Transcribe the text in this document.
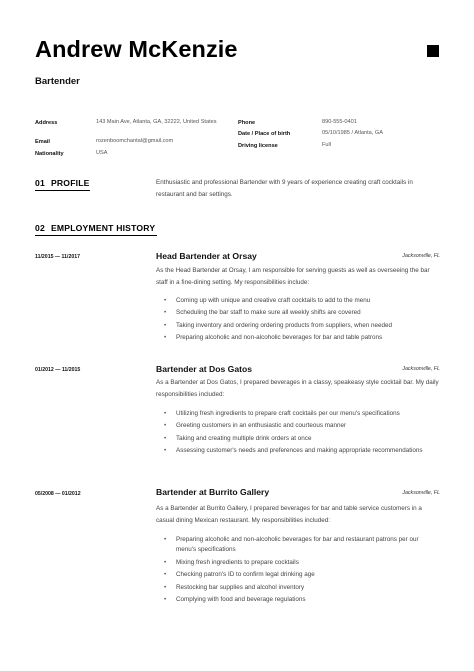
Andrew McKenzie
Bartender
Address	143 Main Ave, Atlanta, GA, 32222, United States
Email	rozenboomchantal@gmail.com
Nationality	USA
Phone	890-555-0401
Date / Place of birth	05/10/1985 / Atlanta, GA
Driving license	Full
01 PROFILE	Enthusiastic and professional Bartender with 9 years of experience creating craft cocktails in restaurant and bar settings.
02 EMPLOYMENT HISTORY
11/2015 — 11/2017	Head Bartender at Orsay	Jacksonville, FL
As the Head Bartender at Orsay, I am responsible for serving guests as well as overseeing the bar staff in a fine-dining setting. My responsibilities include:
• Coming up with unique and creative craft cocktails to add to the menu
• Scheduling the bar staff to make sure all weekly shifts are covered
• Taking inventory and ordering ordering products from suppliers, when needed
• Preparing alcoholic and non-alcoholic beverages for bar and table patrons
01/2012 — 11/2015	Bartender at Dos Gatos	Jacksonville, FL
As a Bartender at Dos Gatos, I prepared beverages in a classy, speakeasy style cocktail bar. My daily responsibilities included:
• Utilizing fresh ingredients to prepare craft cocktails per our menu's specifications
• Greeting customers in an enthusiastic and courteous manner
• Taking and creating multiple drink orders at once
• Assessing customer's needs and preferences and making appropriate recommendations
05/2008 — 01/2012	Bartender at Burrito Gallery	Jacksonville, FL
As a Bartender at Burrito Gallery, I prepared beverages for bar and table service customers in a casual dining Mexican restaurant. My responsibilities included:
• Preparing alcoholic and non-alcoholic beverages for bar and restaurant patrons per our menu's specifications
• Mixing fresh ingredients to prepare cocktails
• Checking patron's ID to confirm legal drinking age
• Restocking bar supplies and alcohol inventory
• Complying with food and beverage regulations
